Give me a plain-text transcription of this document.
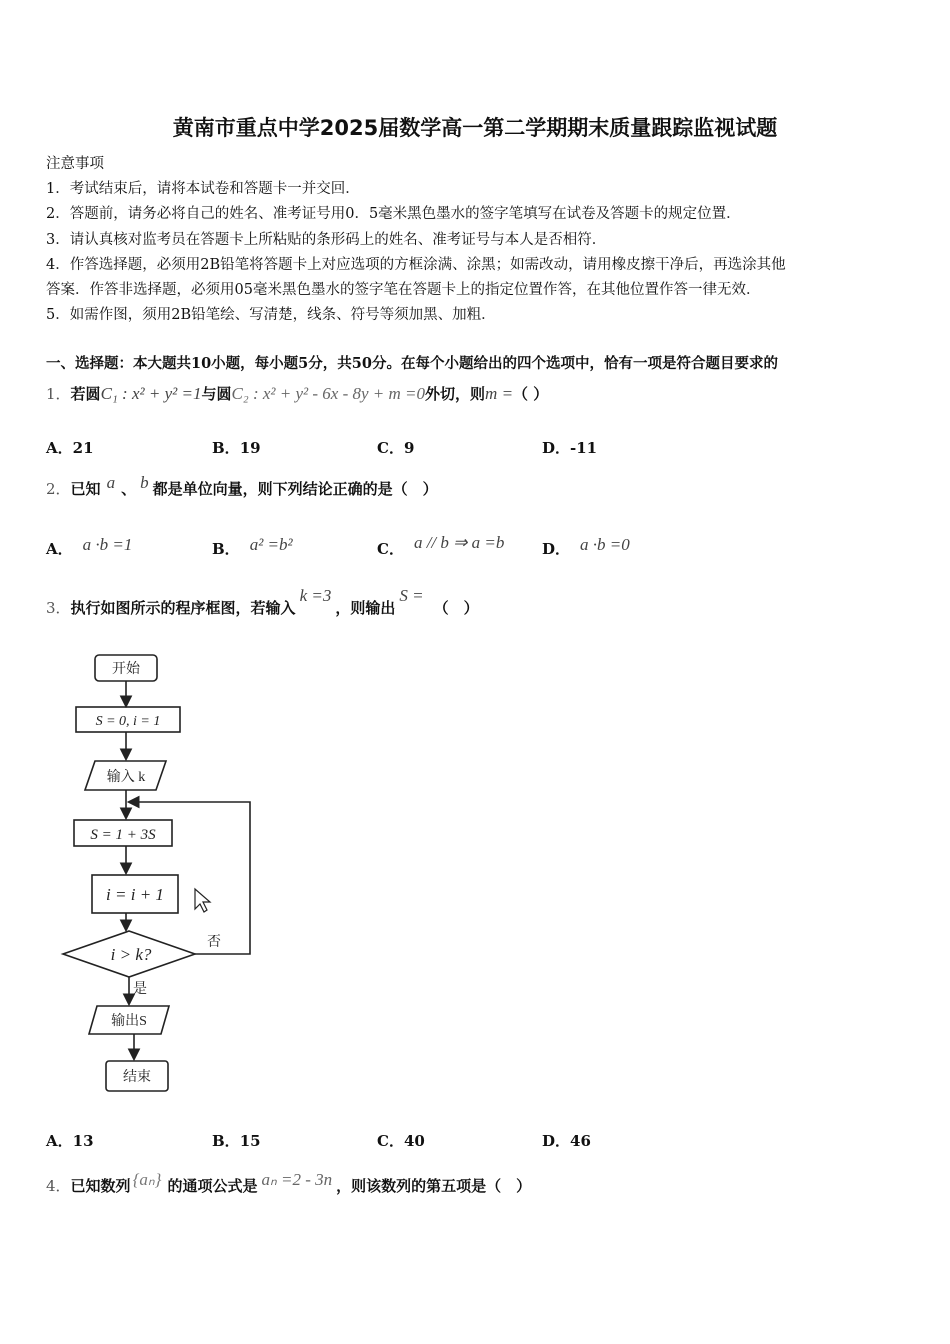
黄南市重点中学2025届数学高一第二学期期末质量跟踪监视试题
注意事项
1．考试结束后，请将本试卷和答题卡一并交回．
2．答题前，请务必将自己的姓名、准考证号用0．5毫米黑色墨水的签字笔填写在试卷及答题卡的规定位置．
3．请认真核对监考员在答题卡上所粘贴的条形码上的姓名、准考证号与本人是否相符．
4．作答选择题，必须用2B铅笔将答题卡上对应选项的方框涂满、涂黑；如需改动，请用橡皮擦干净后，再选涂其他
答案．作答非选择题，必须用05毫米黑色墨水的签字笔在答题卡上的指定位置作答，在其他位置作答一律无效．
5．如需作图，须用2B铅笔绘、写清楚，线条、符号等须加黑、加粗．
一、选择题：本大题共10小题，每小题5分，共50分。在每个小题给出的四个选项中，恰有一项是符合题目要求的
1．若圆C₁ : x² + y² =1与圆C₂ : x² + y² - 6x - 8y + m =0外切，则m =（ ）
A．21	B．19	C．9	D．-11
2．已知 a 、 b 都是单位向量，则下列结论正确的是（　）
A． a ·b =1	B． a² =b²	C． a // b ⇒ a =b	D． a ·b =0
3．执行如图所示的程序框图，若输入k =3，则输出S =（　）
开始
S = 0, i = 1
输入 k
S = 1 + 3S
i = i + 1
i > k?
否
是
输出S
结束
A．13	B．15	C．40	D．46
4．已知数列 {aₙ} 的通项公式是 aₙ =2 - 3n ，则该数列的第五项是（　）
